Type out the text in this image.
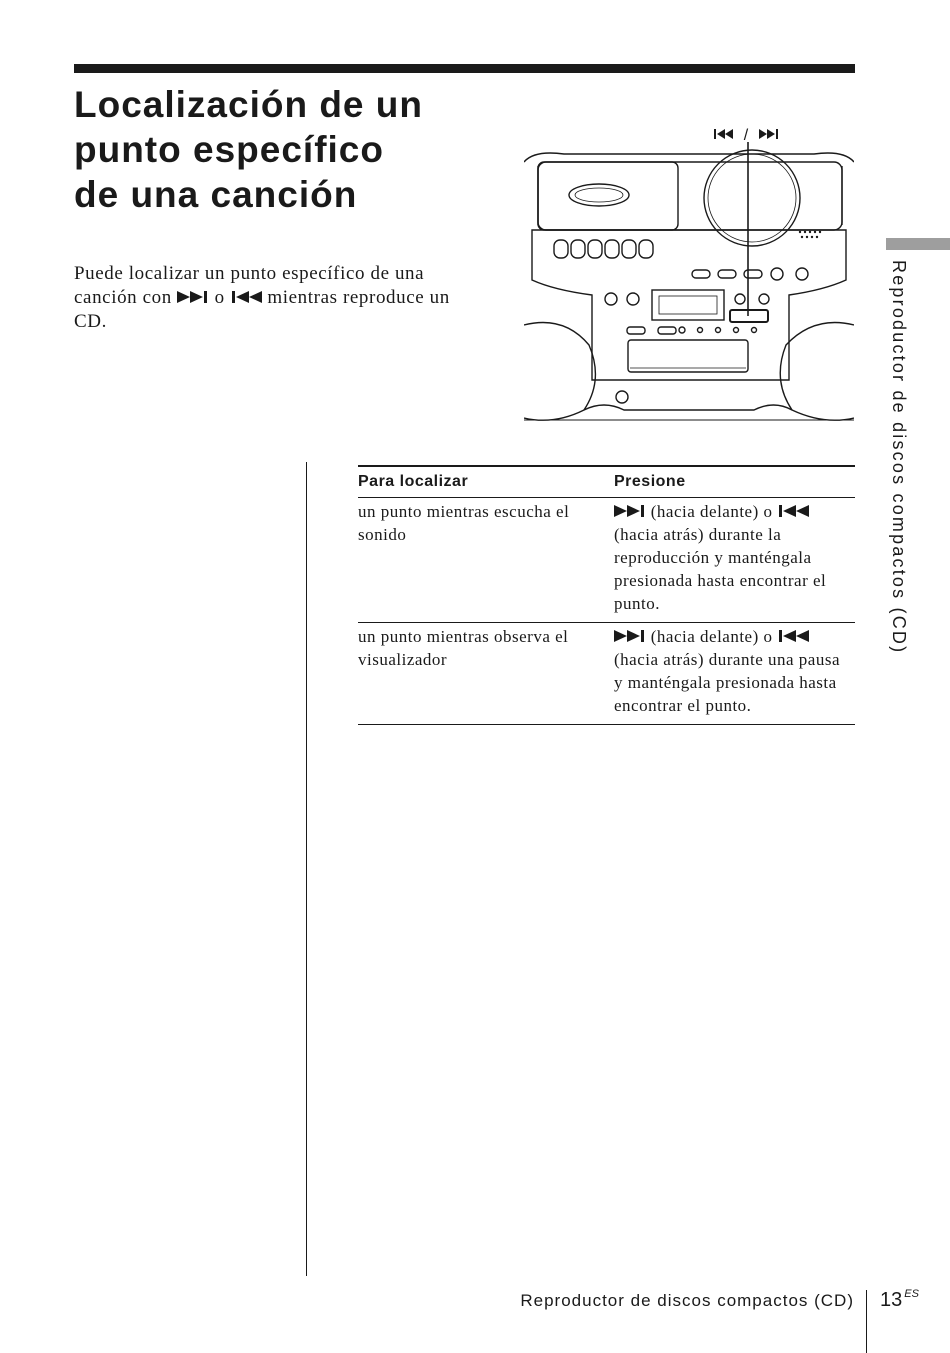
Localización de un
punto específico
de una canción

Puede localizar un punto específico de una canción con  o  mientras reproduce un CD.

/
Reproductor de discos compactos (CD)
Para localizar	Presione
un punto mientras escucha el sonido	(hacia delante) o  (hacia atrás) durante la reproducción y manténgala presionada hasta encontrar el punto.
un punto mientras observa el visualizador	(hacia delante) o  (hacia atrás) durante una pausa y manténgala presionada hasta encontrar el punto.
Reproductor de discos compactos (CD) 13 $^{ES}$
